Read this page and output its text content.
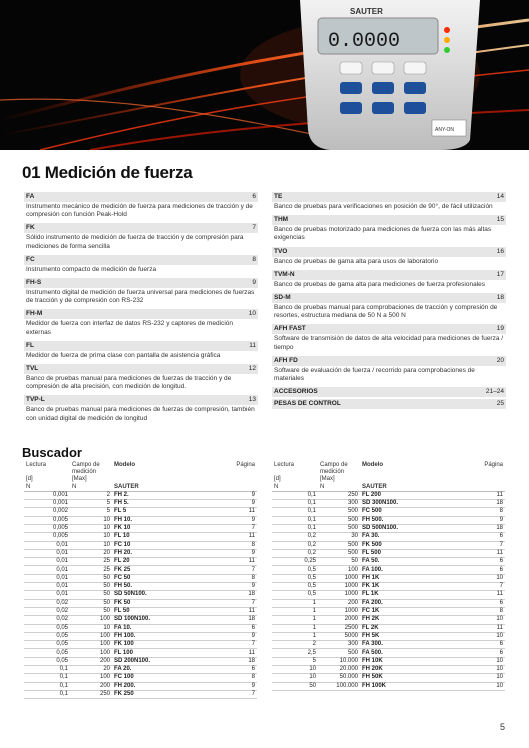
0.0000
SAUTER
ANY-ON
01 Medición de fuerza
FA	6
Instrumento mecánico de medición de fuerza para mediciones de tracción y de compresión con función Peak-Hold
FK	7
Sólido instrumento de medición de fuerza de tracción y de compresión para mediciones de forma sencilla
FC	8
Instrumento compacto de medición de fuerza
FH-S	9
Instrumento digital de medición de fuerza universal para mediciones de fuerzas de tracción y de compresión con RS-232
FH-M	10
Medidor de fuerza con interfaz de datos RS-232 y captores de medición externas
FL	11
Medidor de fuerza de prima clase con pantalla de asistencia gráfica
TVL	12
Banco de pruebas manual para mediciones de fuerzas de tracción y de compresión de alta precisión, con medición de longitud.
TVP-L	13
Banco de pruebas manual para mediciones de fuerzas de compresión, también con unidad digital de medición de longitud
TE	14
Banco de pruebas para verificaciones en posición de 90°, de fácil utilización
THM	15
Banco de pruebas motorizado para mediciones de fuerza con las más altas exigencias
TVO	16
Banco de pruebas de gama alta para usos de laboratorio
TVM-N	17
Banco de pruebas de gama alta para mediciones de fuerza profesionales
SD-M	18
Banco de pruebas manual para comprobaciones de tracción y compresión de resortes, estructura mediana de 50 N a 500 N
AFH FAST	19
Software de transmisión de datos de alta velocidad para mediciones de fuerza / tiempo
AFH FD	20
Software de evaluación de fuerza / recorrido para comprobaciones de materiales
ACCESORIOS	21–24
PESAS DE CONTROL	25
Buscador
Lectura

[d]
N	Campo de medición
[Max]
N	Modelo

SAUTER	Página
0,001	2	FH 2.	9
0,001	5	FH 5.	9
0,002	5	FL 5	11
0,005	10	FH 10.	9
0,005	10	FK 10	7
0,005	10	FL 10	11
0,01	10	FC 10	8
0,01	20	FH 20.	9
0,01	25	FL 20	11
0,01	25	FK 25	7
0,01	50	FC 50	8
0,01	50	FH 50.	9
0,01	50	SD 50N100.	18
0,02	50	FK 50	7
0,02	50	FL 50	11
0,02	100	SD 100N100.	18
0,05	10	FA 10.	6
0,05	100	FH 100.	9
0,05	100	FK 100	7
0,05	100	FL 100	11
0,05	200	SD 200N100.	18
0,1	20	FA 20.	6
0,1	100	FC 100	8
0,1	200	FH 200.	9
0,1	250	FK 250	7
Lectura

[d]
N	Campo de medición
[Max]
N	Modelo

SAUTER	Página
0,1	250	FL 200	11
0,1	300	SD 300N100.	18
0,1	500	FC 500	8
0,1	500	FH 500.	9
0,1	500	SD 500N100.	18
0,2	30	FA 30.	6
0,2	500	FK 500	7
0,2	500	FL 500	11
0,25	50	FA 50.	6
0,5	100	FA 100.	6
0,5	1000	FH 1K	10
0,5	1000	FK 1K	7
0,5	1000	FL 1K	11
1	200	FA 200.	6
1	1000	FC 1K	8
1	2000	FH 2K	10
1	2500	FL 2K	11
1	5000	FH 5K	10
2	300	FA 300.	6
2,5	500	FA 500.	6
5	10.000	FH 10K	10
10	20.000	FH 20K	10
10	50.000	FH 50K	10
50	100.000	FH 100K	10
5
